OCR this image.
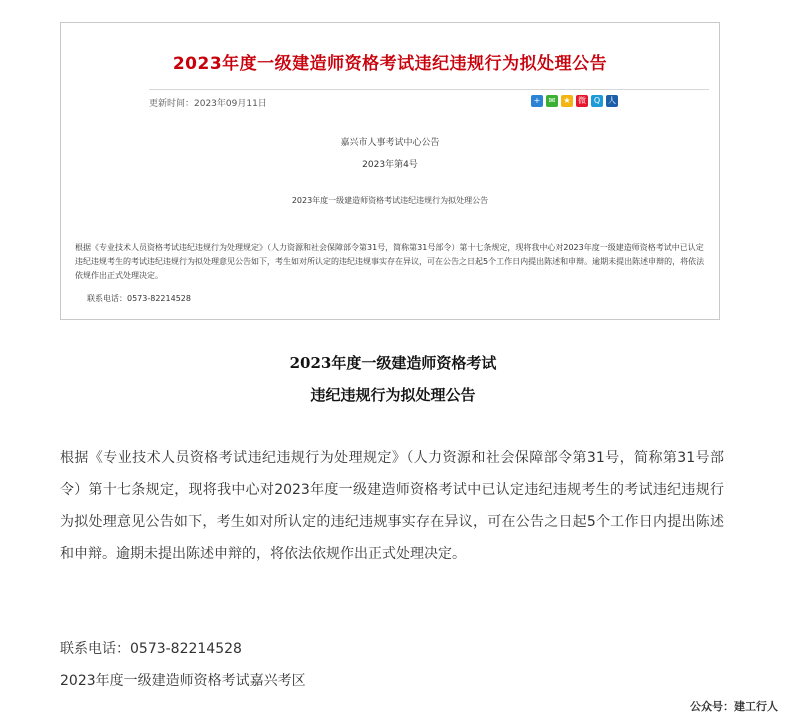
2023年度一级建造师资格考试违纪违规行为拟处理公告
更新时间：2023年09月11日	+	✉	★ 微 Q 人
嘉兴市人事考试中心公告
2023年第4号
2023年度一级建造师资格考试违纪违规行为拟处理公告
根据《专业技术人员资格考试违纪违规行为处理规定》（人力资源和社会保障部令第31号，简称第31号部令）第十七条规定，现将我中心对2023年度一级建造师资格考试中已认定违纪违规考生的考试违纪违规行为拟处理意见公告如下，考生如对所认定的违纪违规事实存在异议，可在公告之日起5个工作日内提出陈述和申辩。逾期未提出陈述申辩的，将依法依规作出正式处理决定。
联系电话：0573-82214528
2023年度一级建造师资格考试
违纪违规行为拟处理公告
根据《专业技术人员资格考试违纪违规行为处理规定》（人力资源和社会保障部令第31号，简称第31号部令）第十七条规定，现将我中心对2023年度一级建造师资格考试中已认定违纪违规考生的考试违纪违规行为拟处理意见公告如下，考生如对所认定的违纪违规事实存在异议，可在公告之日起5个工作日内提出陈述和申辩。逾期未提出陈述申辩的，将依法依规作出正式处理决定。
联系电话：0573-82214528
2023年度一级建造师资格考试嘉兴考区
公众号：建工行人
